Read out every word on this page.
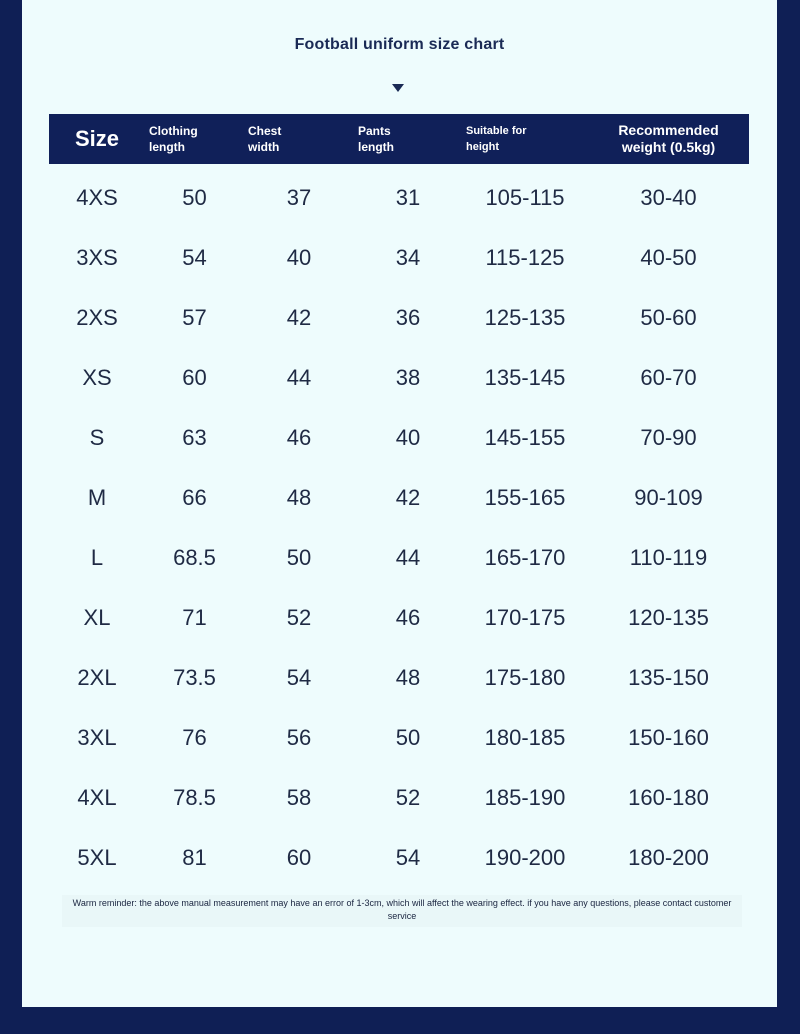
Football uniform size chart
Size	Clothing length	Chest width	Pants length	Suitable for height	Recommended weight (0.5kg)
4XS	50	37	31	105-115	30-40
3XS	54	40	34	115-125	40-50
2XS	57	42	36	125-135	50-60
XS	60	44	38	135-145	60-70
S	63	46	40	145-155	70-90
M	66	48	42	155-165	90-109
L	68.5	50	44	165-170	110-119
XL	71	52	46	170-175	120-135
2XL	73.5	54	48	175-180	135-150
3XL	76	56	50	180-185	150-160
4XL	78.5	58	52	185-190	160-180
5XL	81	60	54	190-200	180-200
Warm reminder: the above manual measurement may have an error of 1-3cm, which will affect the wearing effect. if you have any questions, please contact customer service
